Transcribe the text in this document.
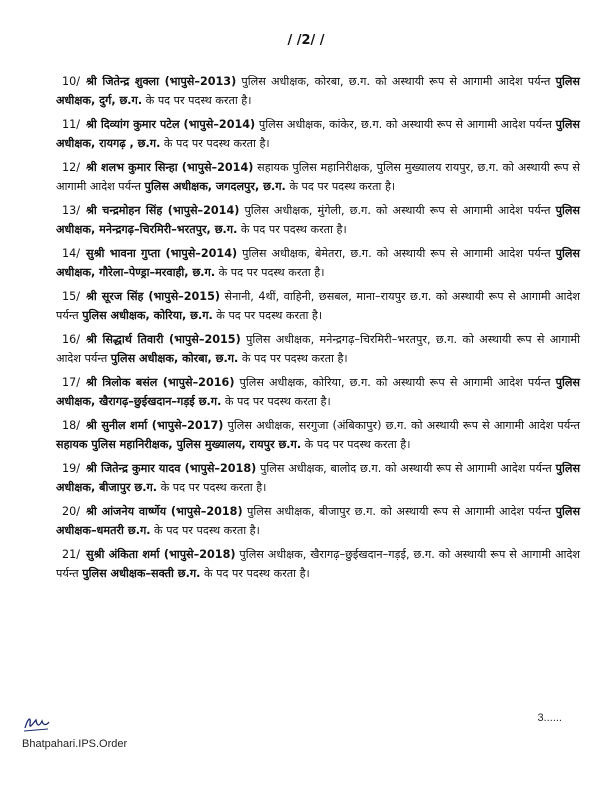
/ /2/ /

10/ श्री जितेन्द्र शुक्ला (भापुसे–2013) पुलिस अधीक्षक, कोरबा, छ.ग. को अस्थायी रूप से आगामी आदेश पर्यन्त पुलिस अधीक्षक, दुर्ग, छ.ग. के पद पर पदस्थ करता है।

11/ श्री दिव्यांग कुमार पटेल (भापुसे–2014) पुलिस अधीक्षक, कांकेर, छ.ग. को अस्थायी रूप से आगामी आदेश पर्यन्त पुलिस अधीक्षक, रायगढ़ , छ.ग. के पद पर पदस्थ करता है।

12/ श्री शलभ कुमार सिन्हा (भापुसे–2014) सहायक पुलिस महानिरीक्षक, पुलिस मुख्यालय रायपुर, छ.ग. को अस्थायी रूप से आगामी आदेश पर्यन्त पुलिस अधीक्षक, जगदलपुर, छ.ग. के पद पर पदस्थ करता है।

13/ श्री चन्द्रमोहन सिंह (भापुसे–2014) पुलिस अधीक्षक, मुंगेली, छ.ग. को अस्थायी रूप से आगामी आदेश पर्यन्त पुलिस अधीक्षक, मनेन्द्रगढ़–चिरमिरी–भरतपुर, छ.ग. के पद पर पदस्थ करता है।

14/ सुश्री भावना गुप्ता (भापुसे–2014) पुलिस अधीक्षक, बेमेतरा, छ.ग. को अस्थायी रूप से आगामी आदेश पर्यन्त पुलिस अधीक्षक, गौरेला–पेण्ड्रा–मरवाही, छ.ग. के पद पर पदस्थ करता है।

15/ श्री सूरज सिंह (भापुसे–2015) सेनानी, 4थीं, वाहिनी, छसबल, माना–रायपुर छ.ग. को अस्थायी रूप से आगामी आदेश पर्यन्त पुलिस अधीक्षक, कोरिया, छ.ग. के पद पर पदस्थ करता है।

16/ श्री सिद्धार्थ तिवारी (भापुसे–2015) पुलिस अधीक्षक, मनेन्द्रगढ़–चिरमिरी–भरतपुर, छ.ग. को अस्थायी रूप से आगामी आदेश पर्यन्त पुलिस अधीक्षक, कोरबा, छ.ग. के पद पर पदस्थ करता है।

17/ श्री त्रिलोक बसंल (भापुसे–2016) पुलिस अधीक्षक, कोरिया, छ.ग. को अस्थायी रूप से आगामी आदेश पर्यन्त पुलिस अधीक्षक, खैरागढ़–छुईखदान–गड़ई छ.ग. के पद पर पदस्थ करता है।

18/ श्री सुनील शर्मा (भापुसे–2017) पुलिस अधीक्षक, सरगुजा (अंबिकापुर) छ.ग. को अस्थायी रूप से आगामी आदेश पर्यन्त सहायक पुलिस महानिरीक्षक, पुलिस मुख्यालय, रायपुर छ.ग. के पद पर पदस्थ करता है।

19/ श्री जितेन्द्र कुमार यादव (भापुसे–2018) पुलिस अधीक्षक, बालोद छ.ग. को अस्थायी रूप से आगामी आदेश पर्यन्त पुलिस अधीक्षक, बीजापुर छ.ग. के पद पर पदस्थ करता है।

20/ श्री आंजनेय वार्ष्णेय (भापुसे–2018) पुलिस अधीक्षक, बीजापुर छ.ग. को अस्थायी रूप से आगामी आदेश पर्यन्त पुलिस अधीक्षक–धमतरी छ.ग. के पद पर पदस्थ करता है।

21/ सुश्री अंकिता शर्मा (भापुसे–2018) पुलिस अधीक्षक, खैरागढ़–छुईखदान–गड़ई, छ.ग. को अस्थायी रूप से आगामी आदेश पर्यन्त पुलिस अधीक्षक–सक्ती छ.ग. के पद पर पदस्थ करता है।

Bhatpahari.IPS.Order
3......
